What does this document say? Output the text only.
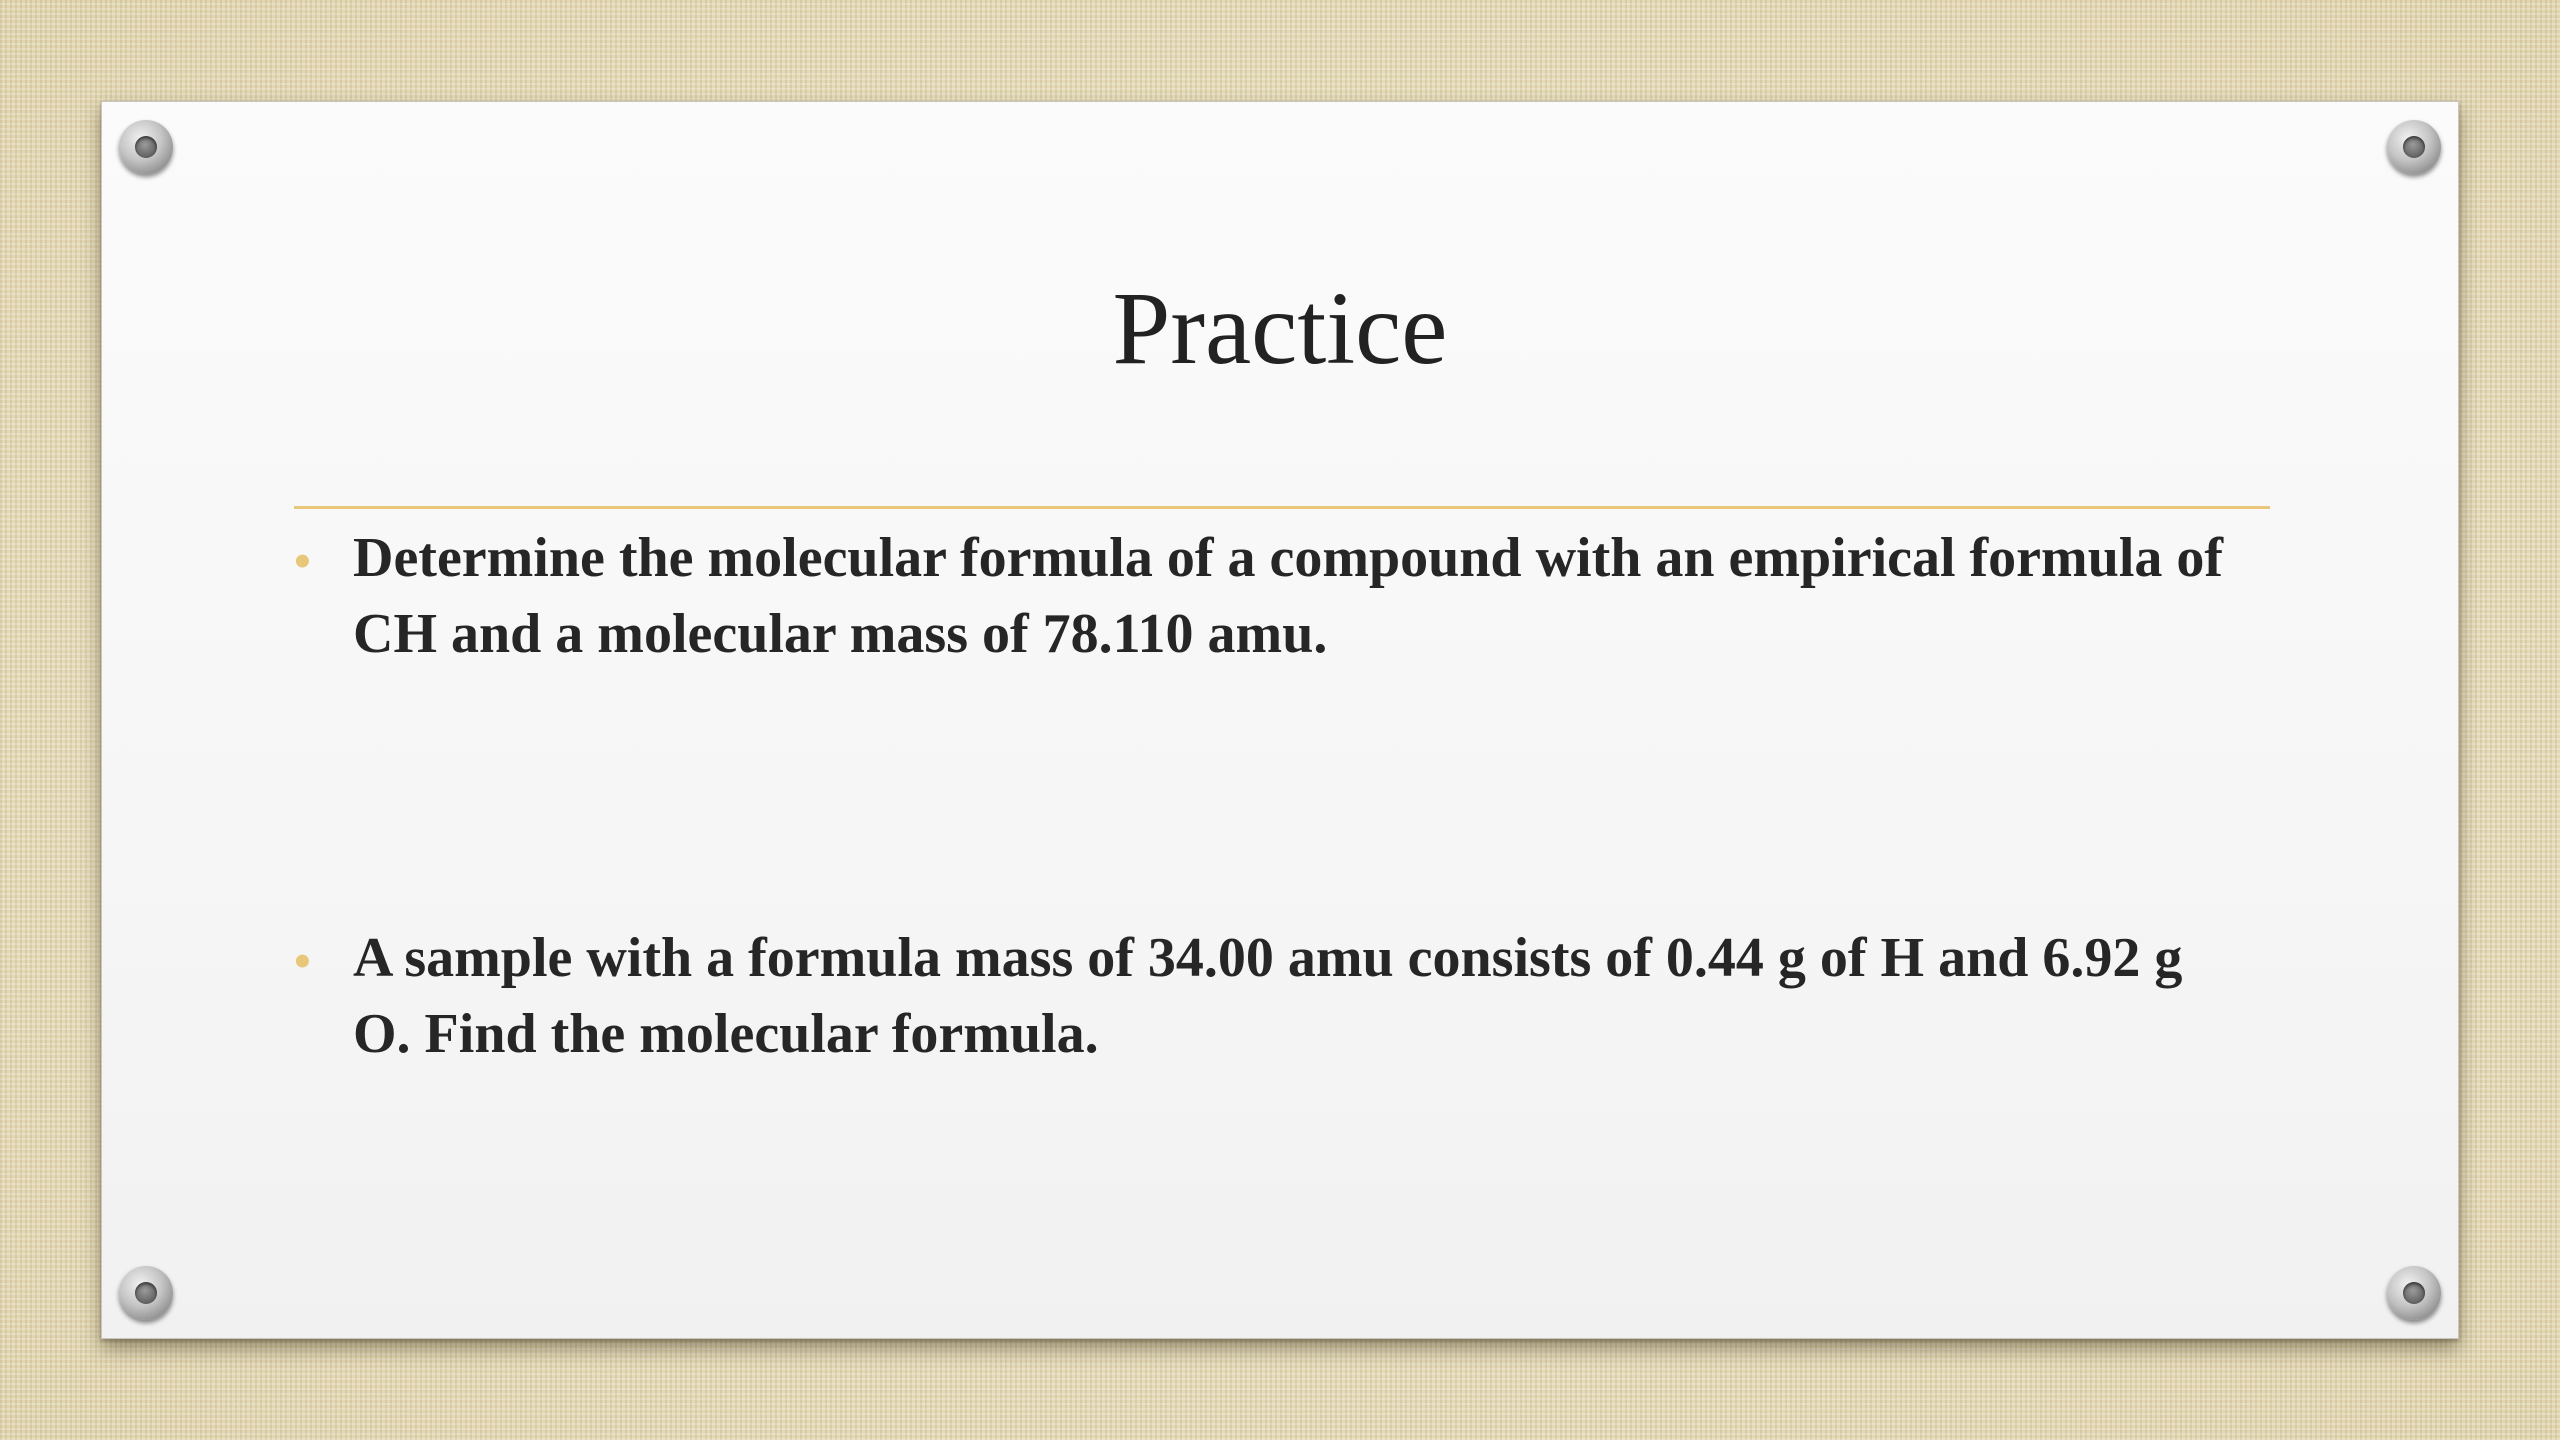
Practice
• Determine the molecular formula of a compound with an empirical formula of CH and a molecular mass of 78.110 amu.
• A sample with a formula mass of 34.00 amu consists of 0.44 g of H and 6.92 g O. Find the molecular formula.
